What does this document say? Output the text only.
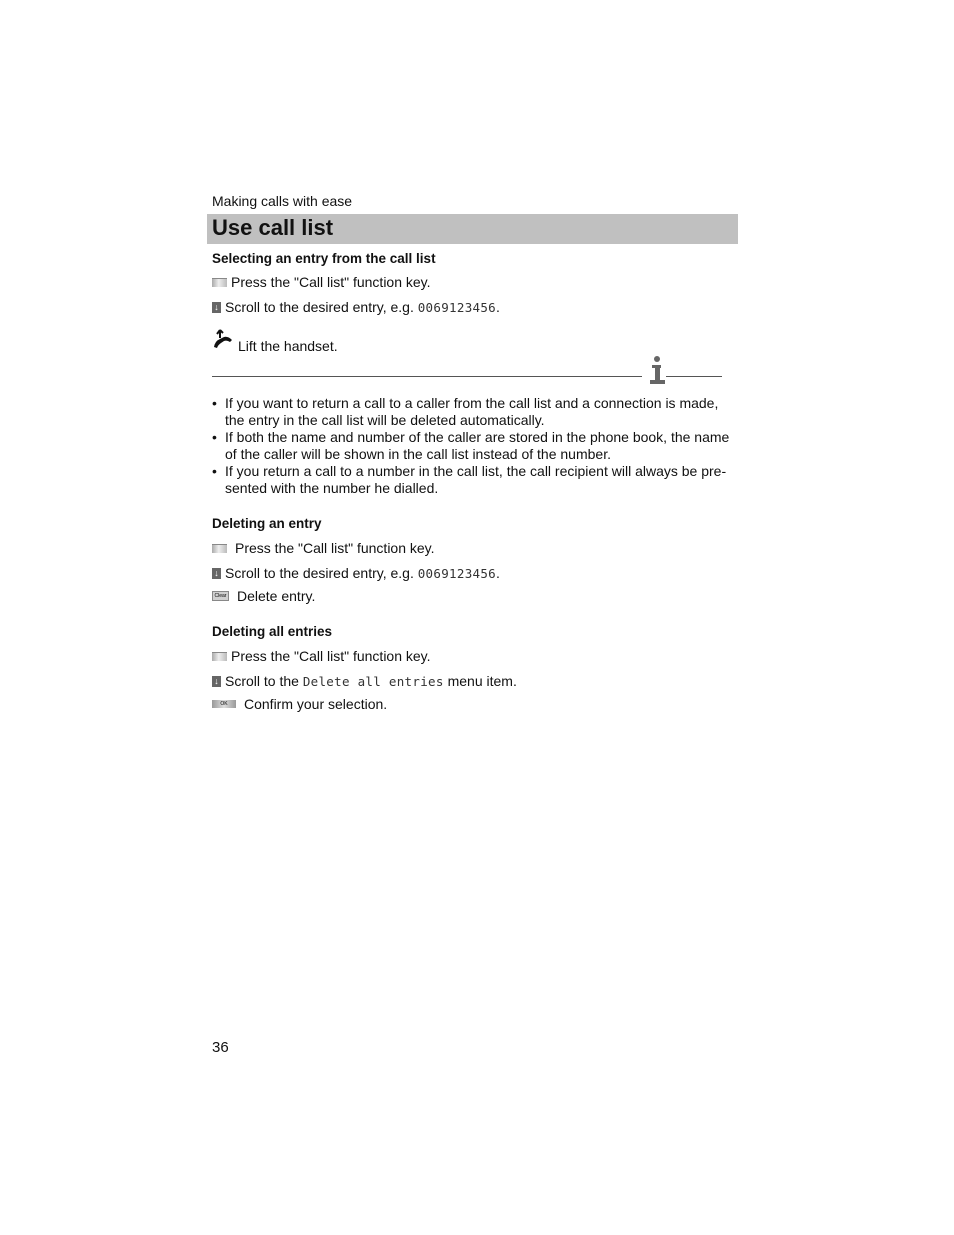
Making calls with ease
Use call list
Selecting an entry from the call list
Press the "Call list" function key.
↓ Scroll to the desired entry, e.g. 0069123456 .
Lift the handset.
• If you want to return a call to a caller from the call list and a connection is made, the entry in the call list will be deleted automatically.
• If both the name and number of the caller are stored in the phone book, the name of the caller will be shown in the call list instead of the number.
• If you return a call to a number in the call list, the call recipient will always be pre-sented with the number he dialled.
Deleting an entry
Press the "Call list" function key.
↓ Scroll to the desired entry, e.g. 0069123456 .
Clear Delete entry.
Deleting all entries
Press the "Call list" function key.
↓ Scroll to the Delete all entries menu item.
OK	Confirm your selection.
36
